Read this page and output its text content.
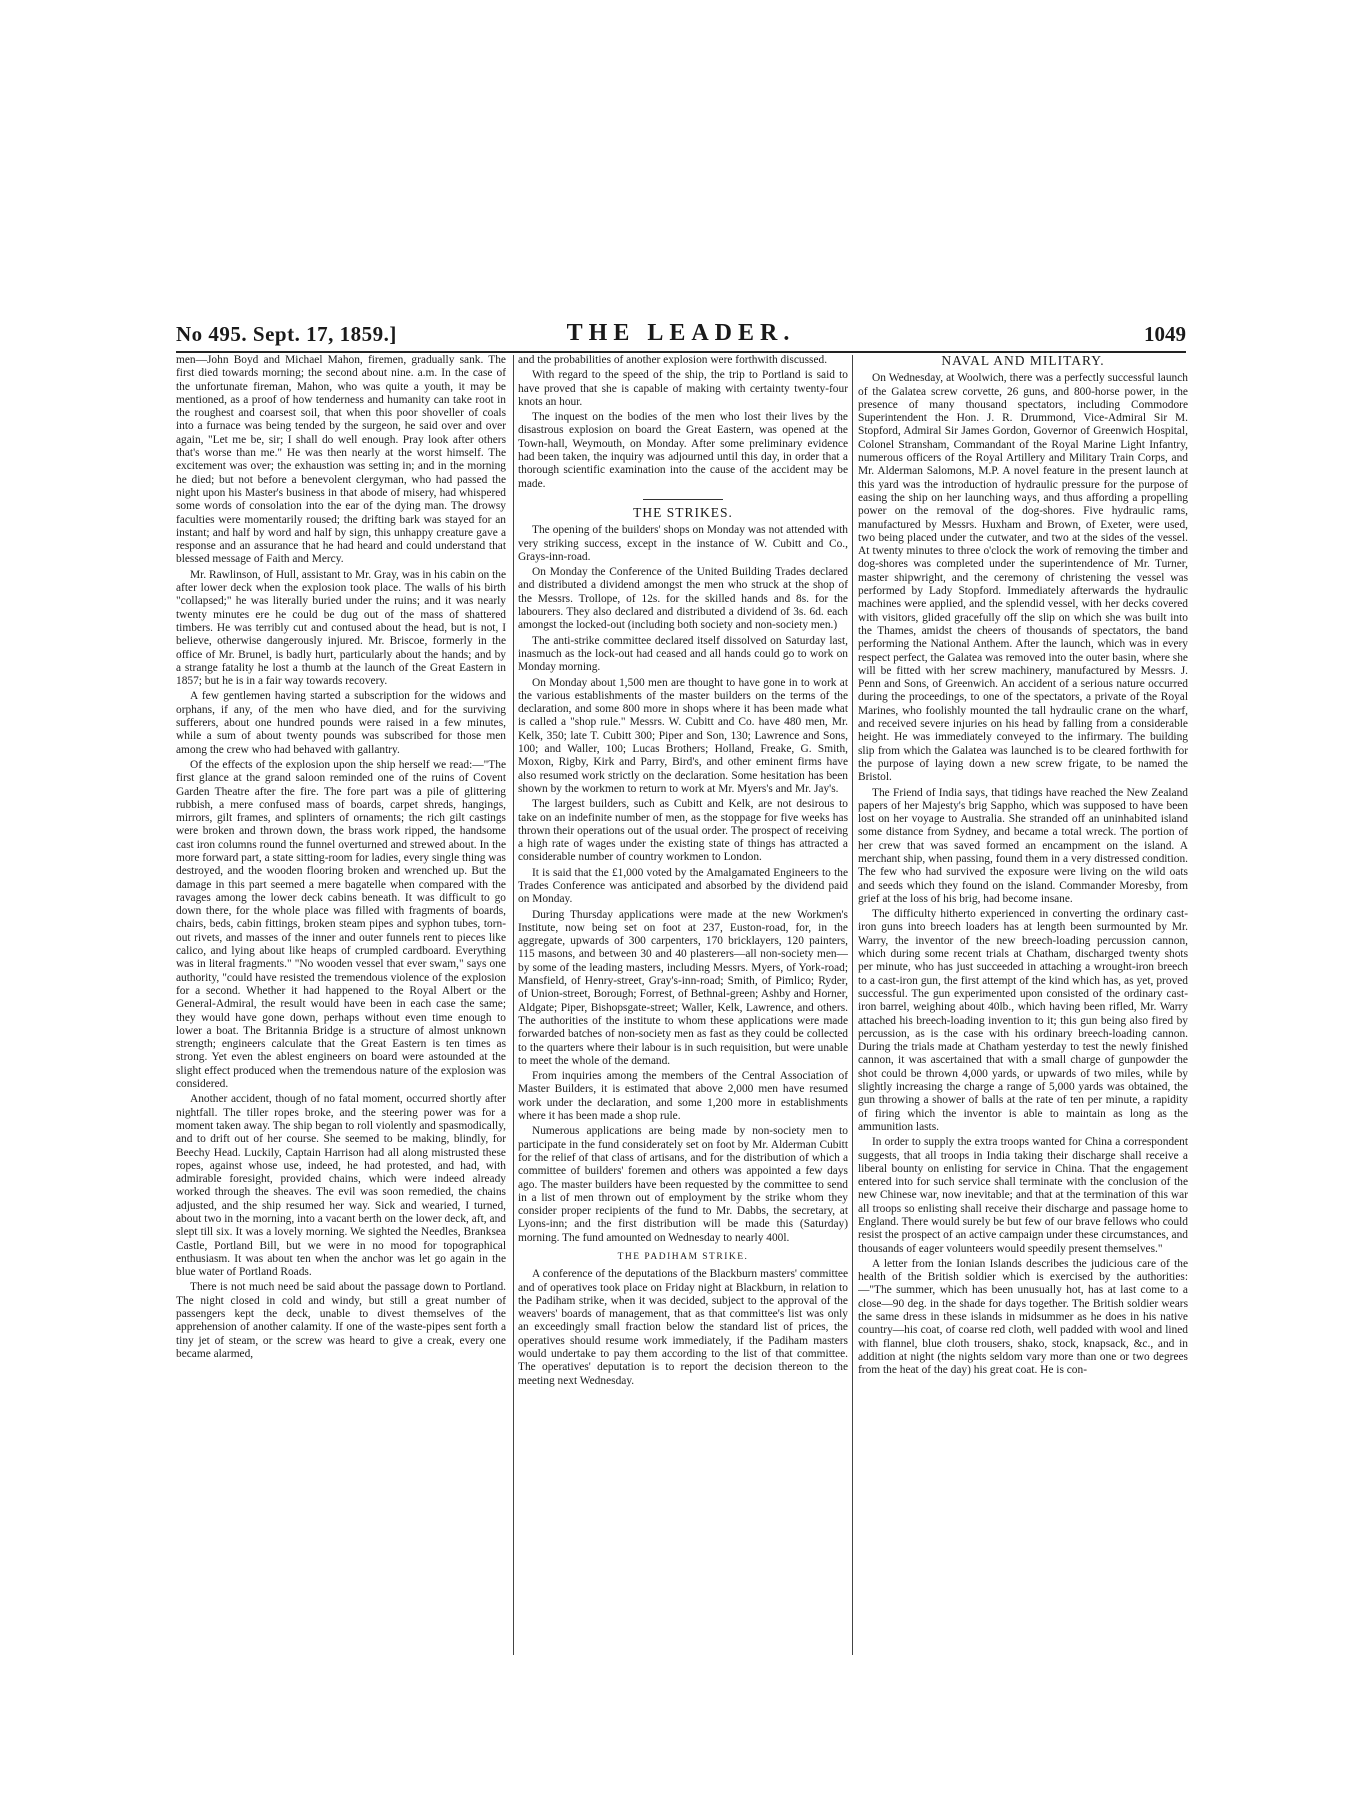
No 495. Sept. 17, 1859.]	THE LEADER.	1049

men—John Boyd and Michael Mahon, firemen, gradually sank. The first died towards morning; the second about nine. a.m. In the case of the unfortunate fireman, Mahon, who was quite a youth, it may be mentioned, as a proof of how tenderness and humanity can take root in the roughest and coarsest soil, that when this poor shoveller of coals into a furnace was being tended by the surgeon, he said over and over again, "Let me be, sir; I shall do well enough. Pray look after others that's worse than me." He was then nearly at the worst himself. The excitement was over; the exhaustion was setting in; and in the morning he died; but not before a benevolent clergyman, who had passed the night upon his Master's business in that abode of misery, had whispered some words of consolation into the ear of the dying man. The drowsy faculties were momentarily roused; the drifting bark was stayed for an instant; and half by word and half by sign, this unhappy creature gave a response and an assurance that he had heard and could understand that blessed message of Faith and Mercy.

Mr. Rawlinson, of Hull, assistant to Mr. Gray, was in his cabin on the after lower deck when the explosion took place. The walls of his birth "collapsed;" he was literally buried under the ruins; and it was nearly twenty minutes ere he could be dug out of the mass of shattered timbers. He was terribly cut and contused about the head, but is not, I believe, otherwise dangerously injured. Mr. Briscoe, formerly in the office of Mr. Brunel, is badly hurt, particularly about the hands; and by a strange fatality he lost a thumb at the launch of the Great Eastern in 1857; but he is in a fair way towards recovery.

A few gentlemen having started a subscription for the widows and orphans, if any, of the men who have died, and for the surviving sufferers, about one hundred pounds were raised in a few minutes, while a sum of about twenty pounds was subscribed for those men among the crew who had behaved with gallantry.

Of the effects of the explosion upon the ship herself we read:—"The first glance at the grand saloon reminded one of the ruins of Covent Garden Theatre after the fire. The fore part was a pile of glittering rubbish, a mere confused mass of boards, carpet shreds, hangings, mirrors, gilt frames, and splinters of ornaments; the rich gilt castings were broken and thrown down, the brass work ripped, the handsome cast iron columns round the funnel overturned and strewed about. In the more forward part, a state sitting-room for ladies, every single thing was destroyed, and the wooden flooring broken and wrenched up. But the damage in this part seemed a mere bagatelle when compared with the ravages among the lower deck cabins beneath. It was difficult to go down there, for the whole place was filled with fragments of boards, chairs, beds, cabin fittings, broken steam pipes and syphon tubes, torn-out rivets, and masses of the inner and outer funnels rent to pieces like calico, and lying about like heaps of crumpled cardboard. Everything was in literal fragments." "No wooden vessel that ever swam," says one authority, "could have resisted the tremendous violence of the explosion for a second. Whether it had happened to the Royal Albert or the General-Admiral, the result would have been in each case the same; they would have gone down, perhaps without even time enough to lower a boat. The Britannia Bridge is a structure of almost unknown strength; engineers calculate that the Great Eastern is ten times as strong. Yet even the ablest engineers on board were astounded at the slight effect produced when the tremendous nature of the explosion was considered.

Another accident, though of no fatal moment, occurred shortly after nightfall. The tiller ropes broke, and the steering power was for a moment taken away. The ship began to roll violently and spasmodically, and to drift out of her course. She seemed to be making, blindly, for Beechy Head. Luckily, Captain Harrison had all along mistrusted these ropes, against whose use, indeed, he had protested, and had, with admirable foresight, provided chains, which were indeed already worked through the sheaves. The evil was soon remedied, the chains adjusted, and the ship resumed her way. Sick and wearied, I turned, about two in the morning, into a vacant berth on the lower deck, aft, and slept till six. It was a lovely morning. We sighted the Needles, Branksea Castle, Portland Bill, but we were in no mood for topographical enthusiasm. It was about ten when the anchor was let go again in the blue water of Portland Roads.

There is not much need be said about the passage down to Portland. The night closed in cold and windy, but still a great number of passengers kept the deck, unable to divest themselves of the apprehension of another calamity. If one of the waste-pipes sent forth a tiny jet of steam, or the screw was heard to give a creak, every one became alarmed,

and the probabilities of another explosion were forthwith discussed.

With regard to the speed of the ship, the trip to Portland is said to have proved that she is capable of making with certainty twenty-four knots an hour.

The inquest on the bodies of the men who lost their lives by the disastrous explosion on board the Great Eastern, was opened at the Town-hall, Weymouth, on Monday. After some preliminary evidence had been taken, the inquiry was adjourned until this day, in order that a thorough scientific examination into the cause of the accident may be made.

THE STRIKES.

The opening of the builders' shops on Monday was not attended with very striking success, except in the instance of W. Cubitt and Co., Grays-inn-road.

On Monday the Conference of the United Building Trades declared and distributed a dividend amongst the men who struck at the shop of the Messrs. Trollope, of 12s. for the skilled hands and 8s. for the labourers. They also declared and distributed a dividend of 3s. 6d. each amongst the locked-out (including both society and non-society men.)

The anti-strike committee declared itself dissolved on Saturday last, inasmuch as the lock-out had ceased and all hands could go to work on Monday morning.

On Monday about 1,500 men are thought to have gone in to work at the various establishments of the master builders on the terms of the declaration, and some 800 more in shops where it has been made what is called a "shop rule." Messrs. W. Cubitt and Co. have 480 men, Mr. Kelk, 350; late T. Cubitt 300; Piper and Son, 130; Lawrence and Sons, 100; and Waller, 100; Lucas Brothers; Holland, Freake, G. Smith, Moxon, Rigby, Kirk and Parry, Bird's, and other eminent firms have also resumed work strictly on the declaration. Some hesitation has been shown by the workmen to return to work at Mr. Myers's and Mr. Jay's.

The largest builders, such as Cubitt and Kelk, are not desirous to take on an indefinite number of men, as the stoppage for five weeks has thrown their operations out of the usual order. The prospect of receiving a high rate of wages under the existing state of things has attracted a considerable number of country workmen to London.

It is said that the £1,000 voted by the Amalgamated Engineers to the Trades Conference was anticipated and absorbed by the dividend paid on Monday.

During Thursday applications were made at the new Workmen's Institute, now being set on foot at 237, Euston-road, for, in the aggregate, upwards of 300 carpenters, 170 bricklayers, 120 painters, 115 masons, and between 30 and 40 plasterers—all non-society men—by some of the leading masters, including Messrs. Myers, of York-road; Mansfield, of Henry-street, Gray's-inn-road; Smith, of Pimlico; Ryder, of Union-street, Borough; Forrest, of Bethnal-green; Ashby and Horner, Aldgate; Piper, Bishopsgate-street; Waller, Kelk, Lawrence, and others. The authorities of the institute to whom these applications were made forwarded batches of non-society men as fast as they could be collected to the quarters where their labour is in such requisition, but were unable to meet the whole of the demand.

From inquiries among the members of the Central Association of Master Builders, it is estimated that above 2,000 men have resumed work under the declaration, and some 1,200 more in establishments where it has been made a shop rule.

Numerous applications are being made by non-society men to participate in the fund considerately set on foot by Mr. Alderman Cubitt for the relief of that class of artisans, and for the distribution of which a committee of builders' foremen and others was appointed a few days ago. The master builders have been requested by the committee to send in a list of men thrown out of employment by the strike whom they consider proper recipients of the fund to Mr. Dabbs, the secretary, at Lyons-inn; and the first distribution will be made this (Saturday) morning. The fund amounted on Wednesday to nearly 400l.

THE PADIHAM STRIKE.

A conference of the deputations of the Blackburn masters' committee and of operatives took place on Friday night at Blackburn, in relation to the Padiham strike, when it was decided, subject to the approval of the weavers' boards of management, that as that committee's list was only an exceedingly small fraction below the standard list of prices, the operatives should resume work immediately, if the Padiham masters would undertake to pay them according to the list of that committee. The operatives' deputation is to report the decision thereon to the meeting next Wednesday.

NAVAL AND MILITARY.

On Wednesday, at Woolwich, there was a perfectly successful launch of the Galatea screw corvette, 26 guns, and 800-horse power, in the presence of many thousand spectators, including Commodore Superintendent the Hon. J. R. Drummond, Vice-Admiral Sir M. Stopford, Admiral Sir James Gordon, Governor of Greenwich Hospital, Colonel Stransham, Commandant of the Royal Marine Light Infantry, numerous officers of the Royal Artillery and Military Train Corps, and Mr. Alderman Salomons, M.P. A novel feature in the present launch at this yard was the introduction of hydraulic pressure for the purpose of easing the ship on her launching ways, and thus affording a propelling power on the removal of the dog-shores. Five hydraulic rams, manufactured by Messrs. Huxham and Brown, of Exeter, were used, two being placed under the cutwater, and two at the sides of the vessel. At twenty minutes to three o'clock the work of removing the timber and dog-shores was completed under the superintendence of Mr. Turner, master shipwright, and the ceremony of christening the vessel was performed by Lady Stopford. Immediately afterwards the hydraulic machines were applied, and the splendid vessel, with her decks covered with visitors, glided gracefully off the slip on which she was built into the Thames, amidst the cheers of thousands of spectators, the band performing the National Anthem. After the launch, which was in every respect perfect, the Galatea was removed into the outer basin, where she will be fitted with her screw machinery, manufactured by Messrs. J. Penn and Sons, of Greenwich. An accident of a serious nature occurred during the proceedings, to one of the spectators, a private of the Royal Marines, who foolishly mounted the tall hydraulic crane on the wharf, and received severe injuries on his head by falling from a considerable height. He was immediately conveyed to the infirmary. The building slip from which the Galatea was launched is to be cleared forthwith for the purpose of laying down a new screw frigate, to be named the Bristol.

The Friend of India says, that tidings have reached the New Zealand papers of her Majesty's brig Sappho, which was supposed to have been lost on her voyage to Australia. She stranded off an uninhabited island some distance from Sydney, and became a total wreck. The portion of her crew that was saved formed an encampment on the island. A merchant ship, when passing, found them in a very distressed condition. The few who had survived the exposure were living on the wild oats and seeds which they found on the island. Commander Moresby, from grief at the loss of his brig, had become insane.

The difficulty hitherto experienced in converting the ordinary cast-iron guns into breech loaders has at length been surmounted by Mr. Warry, the inventor of the new breech-loading percussion cannon, which during some recent trials at Chatham, discharged twenty shots per minute, who has just succeeded in attaching a wrought-iron breech to a cast-iron gun, the first attempt of the kind which has, as yet, proved successful. The gun experimented upon consisted of the ordinary cast-iron barrel, weighing about 40lb., which having been rifled, Mr. Warry attached his breech-loading invention to it; this gun being also fired by percussion, as is the case with his ordinary breech-loading cannon. During the trials made at Chatham yesterday to test the newly finished cannon, it was ascertained that with a small charge of gunpowder the shot could be thrown 4,000 yards, or upwards of two miles, while by slightly increasing the charge a range of 5,000 yards was obtained, the gun throwing a shower of balls at the rate of ten per minute, a rapidity of firing which the inventor is able to maintain as long as the ammunition lasts.

In order to supply the extra troops wanted for China a correspondent suggests, that all troops in India taking their discharge shall receive a liberal bounty on enlisting for service in China. That the engagement entered into for such service shall terminate with the conclusion of the new Chinese war, now inevitable; and that at the termination of this war all troops so enlisting shall receive their discharge and passage home to England. There would surely be but few of our brave fellows who could resist the prospect of an active campaign under these circumstances, and thousands of eager volunteers would speedily present themselves."

A letter from the Ionian Islands describes the judicious care of the health of the British soldier which is exercised by the authorities:—"The summer, which has been unusually hot, has at last come to a close—90 deg. in the shade for days together. The British soldier wears the same dress in these islands in midsummer as he does in his native country—his coat, of coarse red cloth, well padded with wool and lined with flannel, blue cloth trousers, shako, stock, knapsack, &c., and in addition at night (the nights seldom vary more than one or two degrees from the heat of the day) his great coat. He is con-
